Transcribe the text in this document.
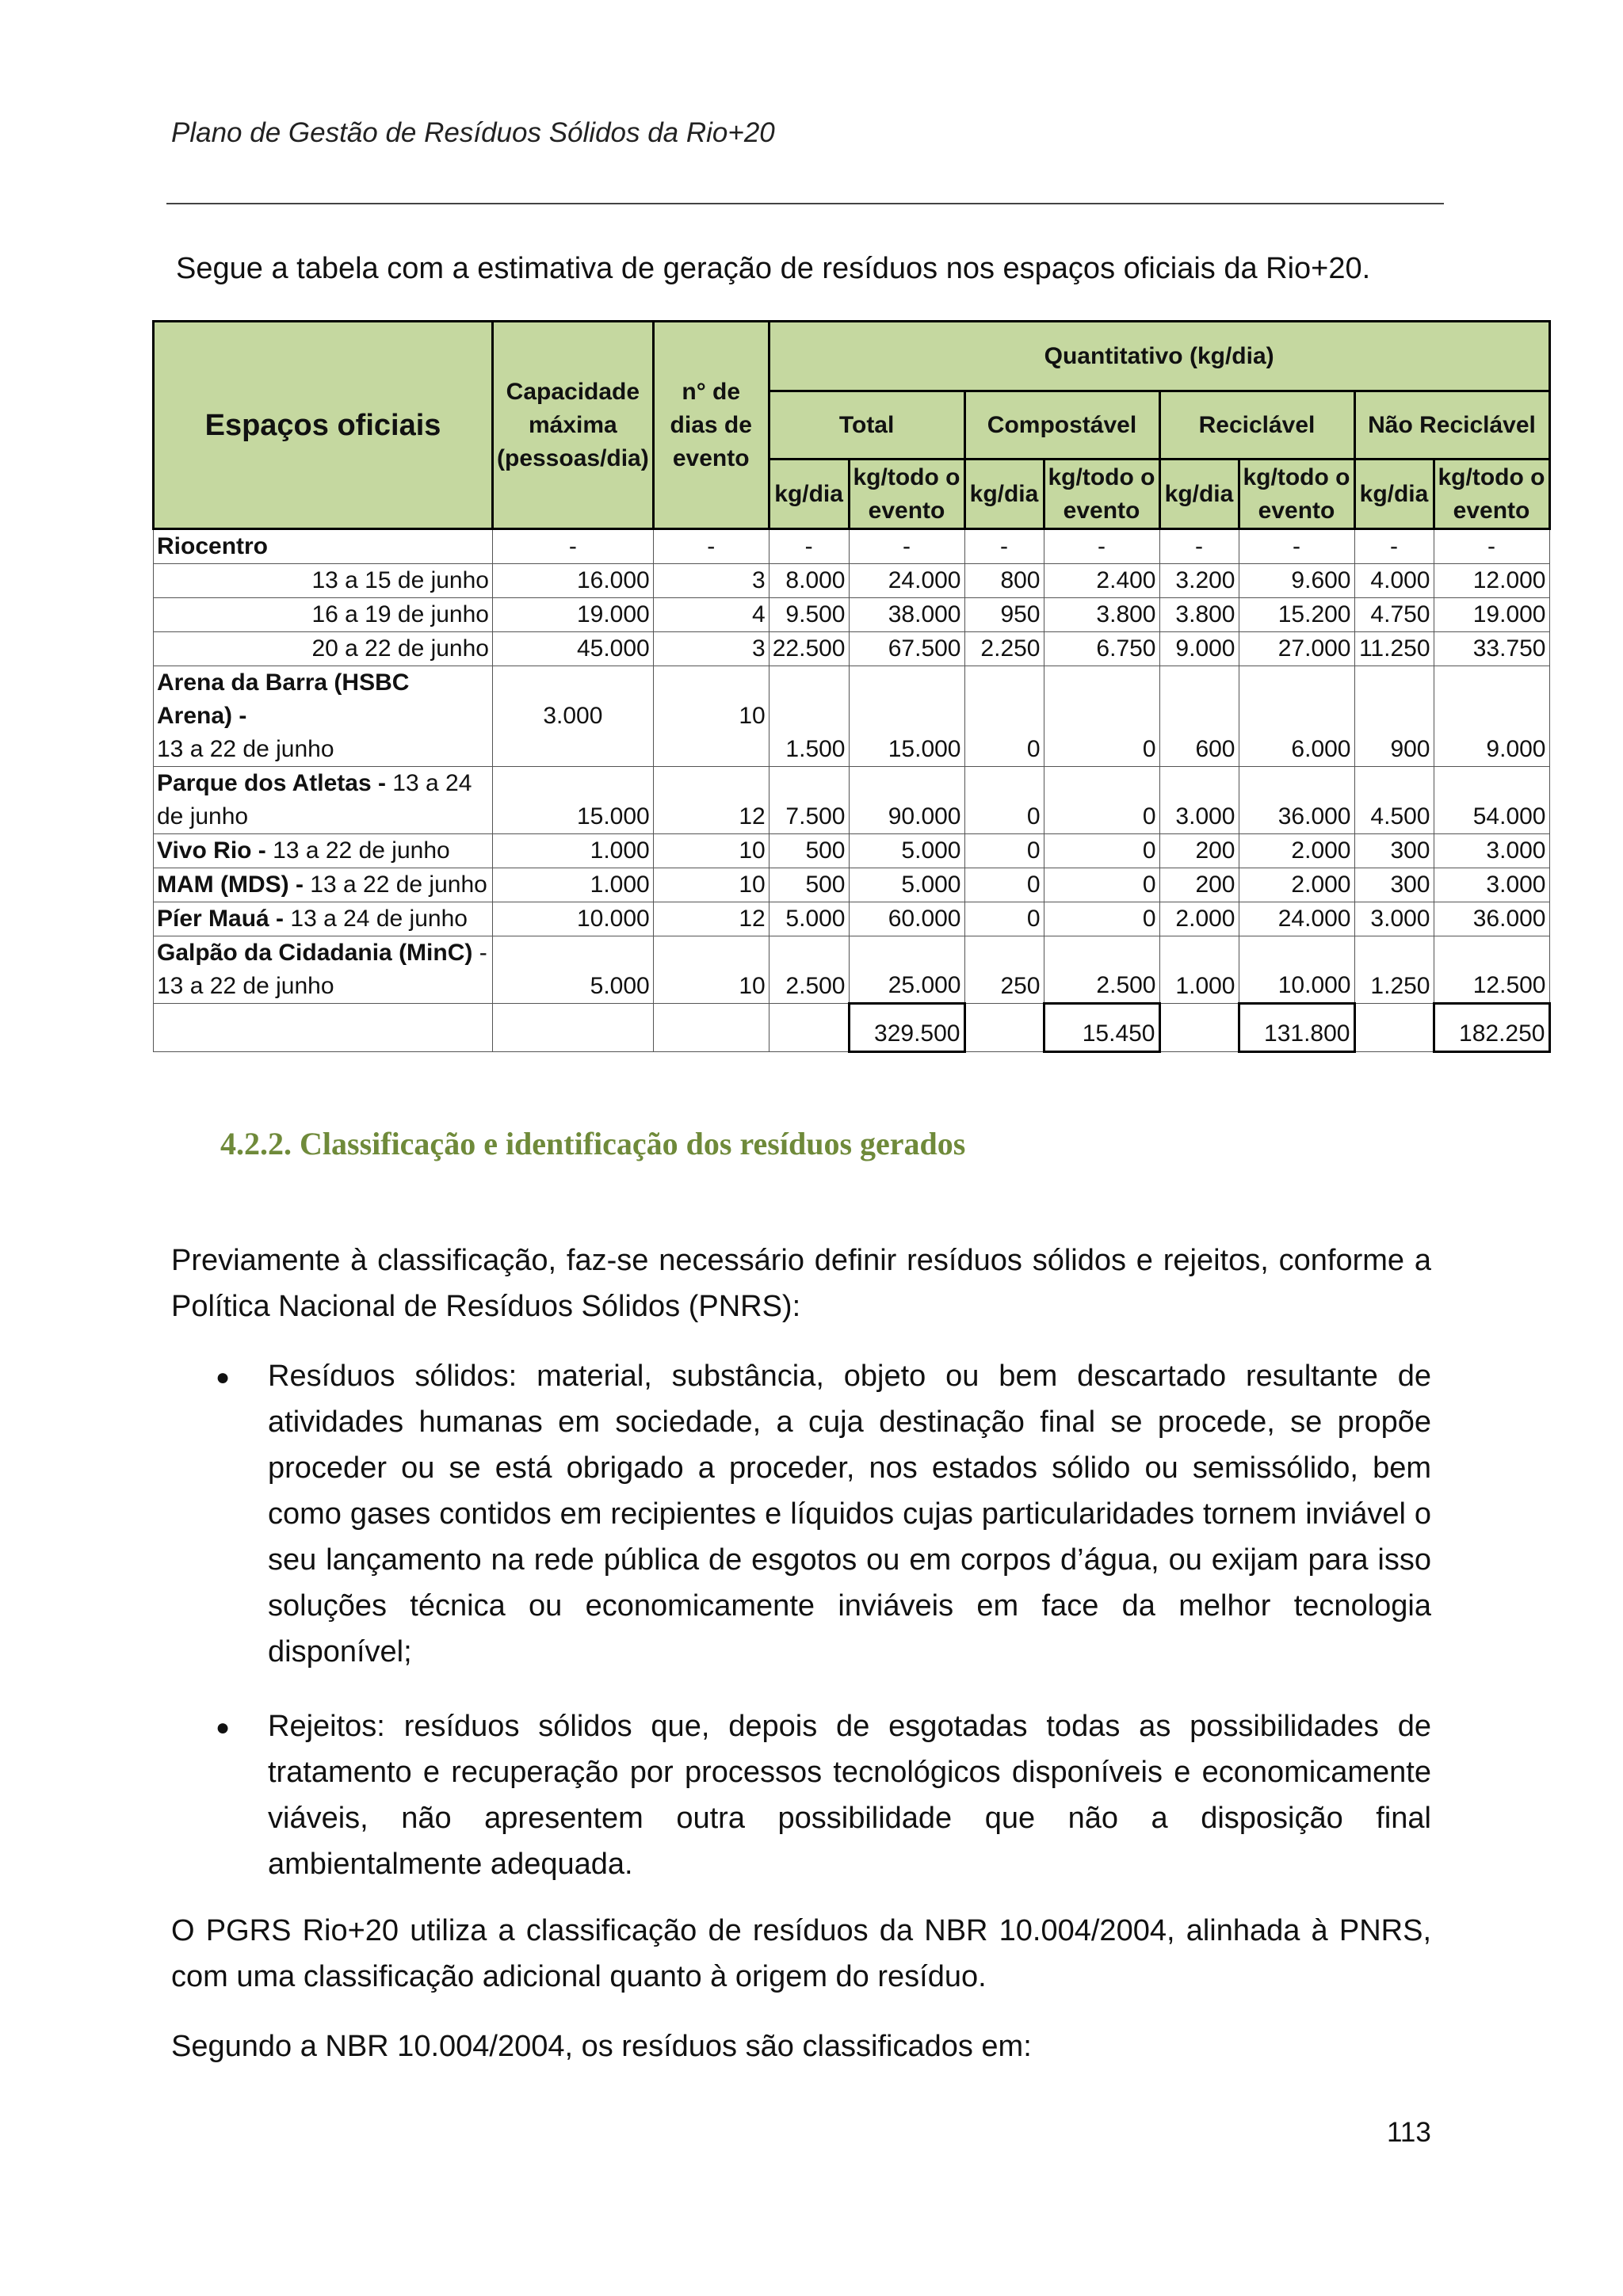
Plano de Gestão de Resíduos Sólidos da Rio+20
Segue a tabela com a estimativa de geração de resíduos nos espaços oficiais da Rio+20.
Espaços oficiais	Capacidade máxima (pessoas/dia)	n° de dias de evento	Quantitativo (kg/dia)							
			Total		Compostável		Reciclável		Não Reciclável	
			kg/dia	kg/todo o evento	kg/dia	kg/todo o evento	kg/dia	kg/todo o evento	kg/dia	kg/todo o evento
Riocentro	-	-	-	-	-	-	-	-	-	-
13 a 15 de junho	16.000	3	8.000	24.000	800	2.400	3.200	9.600	4.000	12.000
16 a 19 de junho	19.000	4	9.500	38.000	950	3.800	3.800	15.200	4.750	19.000
20 a 22 de junho	45.000	3	22.500	67.500	2.250	6.750	9.000	27.000	11.250	33.750
Arena da Barra (HSBC Arena) -
13 a 22 de junho	3.000	10	1.500	15.000	0	0	600	6.000	900	9.000
Parque dos Atletas - 13 a 24 de junho	15.000	12	7.500	90.000	0	0	3.000	36.000	4.500	54.000
Vivo Rio - 13 a 22 de junho	1.000	10	500	5.000	0	0	200	2.000	300	3.000
MAM (MDS) - 13 a 22 de junho	1.000	10	500	5.000	0	0	200	2.000	300	3.000
Píer Mauá - 13 a 24 de junho	10.000	12	5.000	60.000	0	0	2.000	24.000	3.000	36.000
Galpão da Cidadania (MinC) - 13 a 22 de junho	5.000	10	2.500	25.000	250	2.500	1.000	10.000	1.250	12.500
				329.500		15.450		131.800		182.250
4.2.2. Classificação e identificação dos resíduos gerados
Previamente à classificação, faz-se necessário definir resíduos sólidos e rejeitos, conforme a Política Nacional de Resíduos Sólidos (PNRS):
● Resíduos sólidos: material, substância, objeto ou bem descartado resultante de atividades humanas em sociedade, a cuja destinação final se procede, se propõe proceder ou se está obrigado a proceder, nos estados sólido ou semissólido, bem como gases contidos em recipientes e líquidos cujas particularidades tornem inviável o seu lançamento na rede pública de esgotos ou em corpos d’água, ou exijam para isso soluções técnica ou economicamente inviáveis em face da melhor tecnologia disponível;
● Rejeitos: resíduos sólidos que, depois de esgotadas todas as possibilidades de tratamento e recuperação por processos tecnológicos disponíveis e economicamente viáveis, não apresentem outra possibilidade que não a disposição final ambientalmente adequada.
O PGRS Rio+20 utiliza a classificação de resíduos da NBR 10.004/2004, alinhada à PNRS, com uma classificação adicional quanto à origem do resíduo.
Segundo a NBR 10.004/2004, os resíduos são classificados em:
113
